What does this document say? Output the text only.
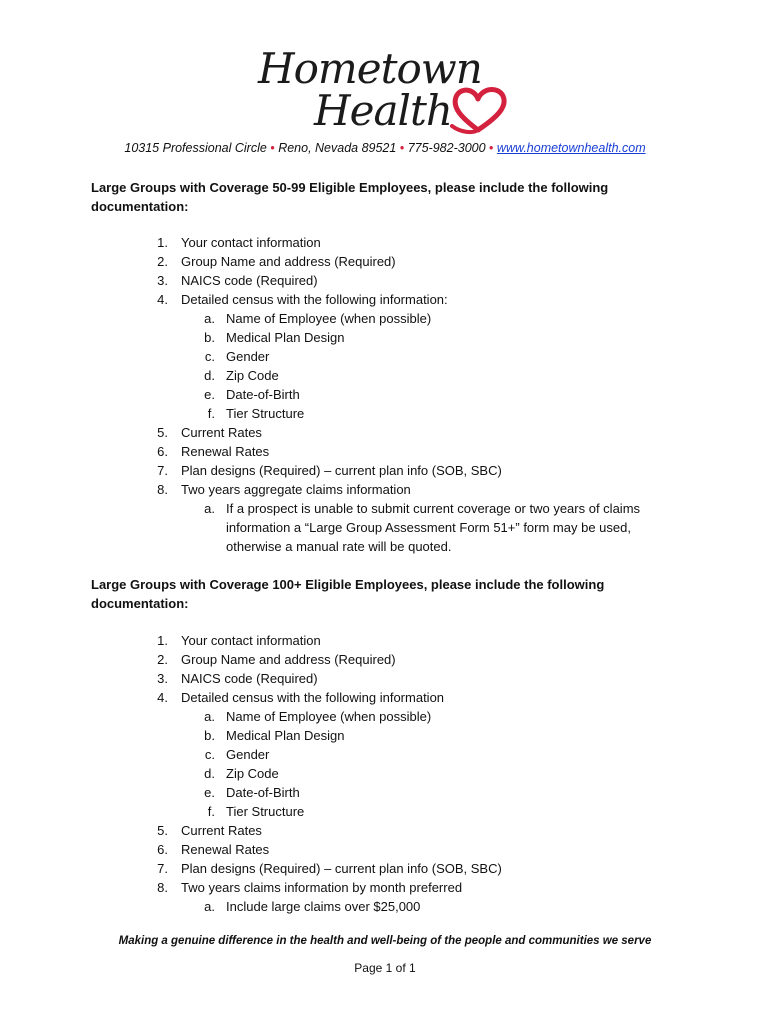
Hometown
Health
10315 Professional Circle • Reno, Nevada 89521 • 775-982-3000 • www.hometownhealth.com
Large Groups with Coverage 50-99 Eligible Employees, please include the following
documentation:
1. Your contact information
2. Group Name and address (Required)
3. NAICS code (Required)
4. Detailed census with the following information:
a. Name of Employee (when possible)
b. Medical Plan Design
c. Gender
d. Zip Code
e. Date-of-Birth
f. Tier Structure
5. Current Rates
6. Renewal Rates
7. Plan designs (Required) – current plan info (SOB, SBC)
8. Two years aggregate claims information
a. If a prospect is unable to submit current coverage or two years of claims
information a “Large Group Assessment Form 51+” form may be used,
otherwise a manual rate will be quoted.
Large Groups with Coverage 100+ Eligible Employees, please include the following
documentation:
1. Your contact information
2. Group Name and address (Required)
3. NAICS code (Required)
4. Detailed census with the following information
a. Name of Employee (when possible)
b. Medical Plan Design
c. Gender
d. Zip Code
e. Date-of-Birth
f. Tier Structure
5. Current Rates
6. Renewal Rates
7. Plan designs (Required) – current plan info (SOB, SBC)
8. Two years claims information by month preferred
a. Include large claims over $25,000
Making a genuine difference in the health and well-being of the people and communities we serve
Page 1 of 1
